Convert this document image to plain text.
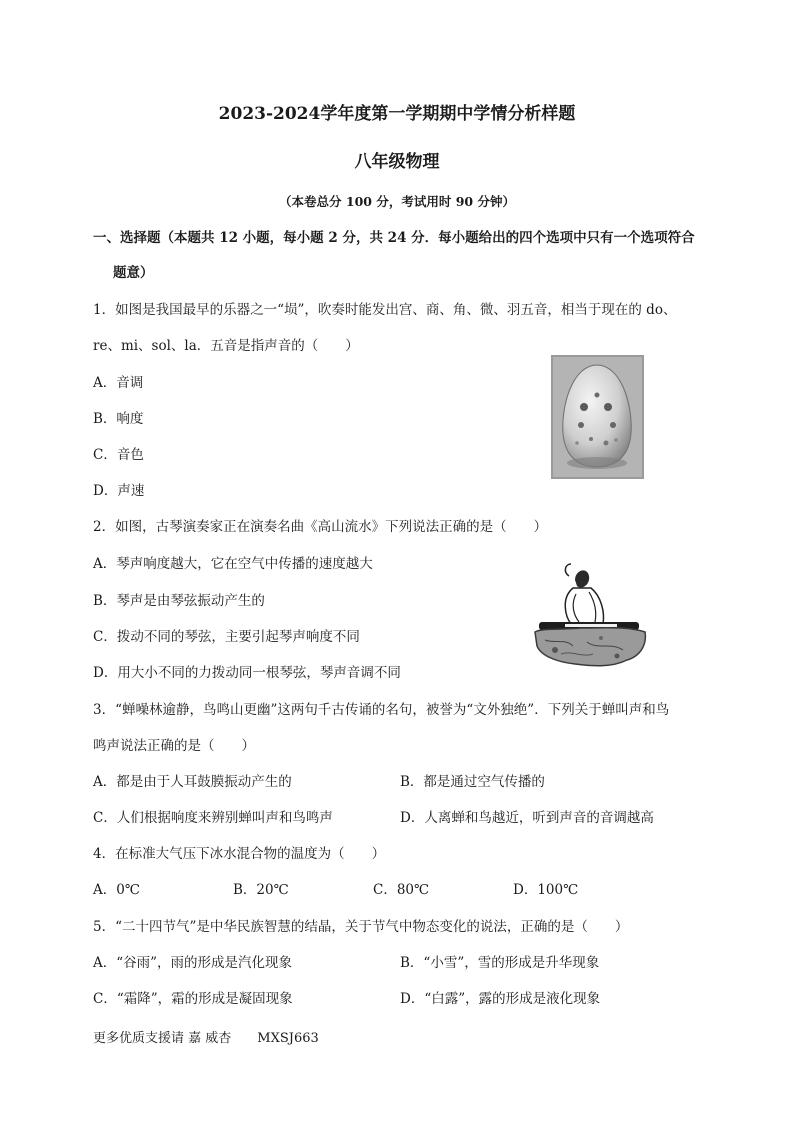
2023-2024学年度第一学期期中学情分析样题
八年级物理
（本卷总分 100 分，考试用时 90 分钟）
一、选择题（本题共 12 小题，每小题 2 分，共 24 分．每小题给出的四个选项中只有一个选项符合
题意）
1．如图是我国最早的乐器之一“埙”，吹奏时能发出宫、商、角、微、羽五音，相当于现在的 do、
re、mi、sol、la．五音是指声音的（　　）
A．音调
B．响度
C．音色
D．声速
2．如图，古琴演奏家正在演奏名曲《高山流水》下列说法正确的是（　　）
A．琴声响度越大，它在空气中传播的速度越大
B．琴声是由琴弦振动产生的
C．拨动不同的琴弦，主要引起琴声响度不同
D．用大小不同的力拨动同一根琴弦，琴声音调不同
3．“蝉噪林逾静，鸟鸣山更幽”这两句千古传诵的名句，被誉为“文外独绝”．下列关于蝉叫声和鸟
鸣声说法正确的是（　　）
A．都是由于人耳鼓膜振动产生的	B．都是通过空气传播的
C．人们根据响度来辨别蝉叫声和鸟鸣声	D．人离蝉和鸟越近，听到声音的音调越高
4．在标准大气压下冰水混合物的温度为（　　）
A．0℃	B．20℃	C．80℃	D．100℃
5．“二十四节气”是中华民族智慧的结晶，关于节气中物态变化的说法，正确的是（　　）
A．“谷雨”，雨的形成是汽化现象	B．“小雪”，雪的形成是升华现象
C．“霜降”，霜的形成是凝固现象	D．“白露”，露的形成是液化现象
更多优质支援请 嘉 威杏　　MXSJ663
